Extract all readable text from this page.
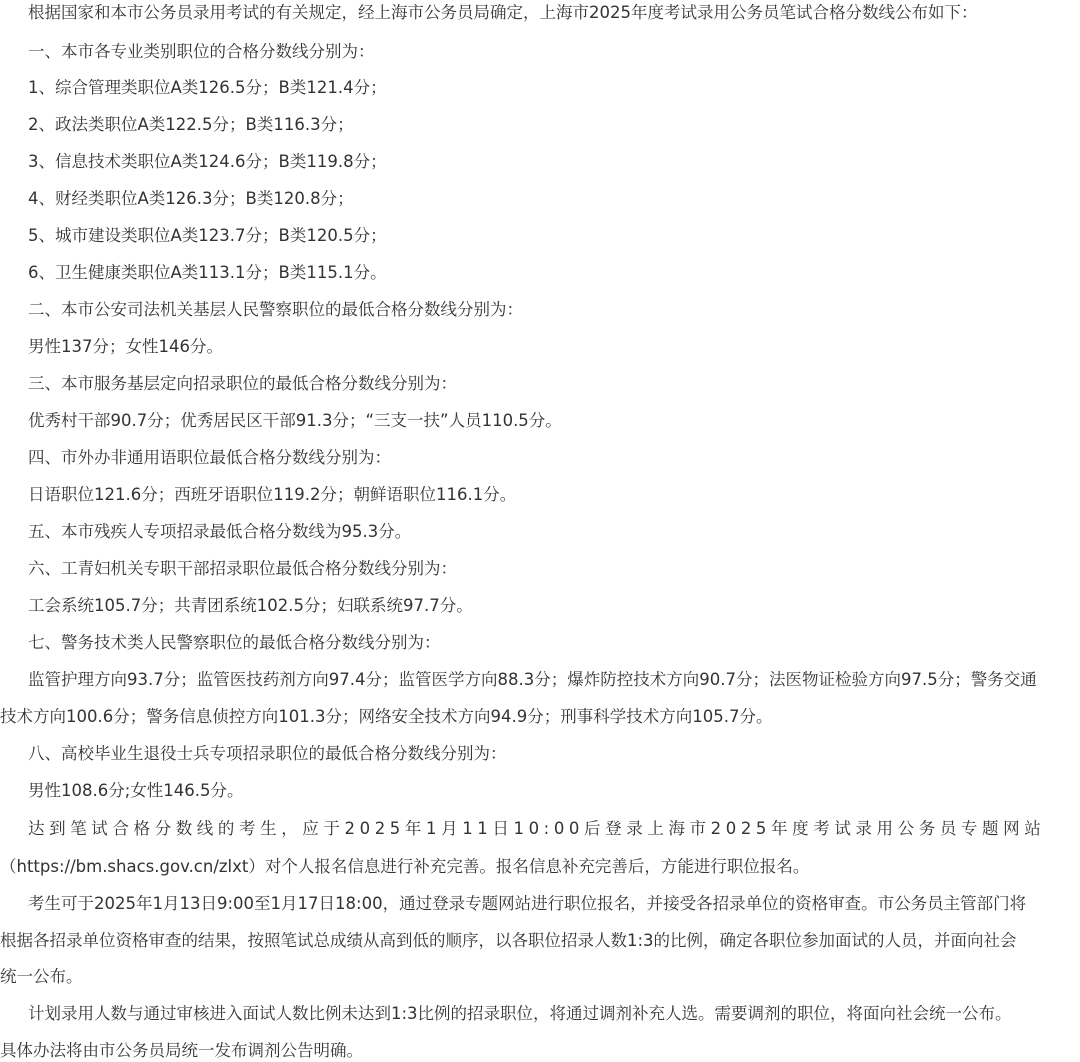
根据国家和本市公务员录用考试的有关规定，经上海市公务员局确定，上海市2025年度考试录用公务员笔试合格分数线公布如下：
一、本市各专业类别职位的合格分数线分别为：
1、综合管理类职位A类126.5分；B类121.4分；
2、政法类职位A类122.5分；B类116.3分；
3、信息技术类职位A类124.6分；B类119.8分；
4、财经类职位A类126.3分；B类120.8分；
5、城市建设类职位A类123.7分；B类120.5分；
6、卫生健康类职位A类113.1分；B类115.1分。
二、本市公安司法机关基层人民警察职位的最低合格分数线分别为：
男性137分；女性146分。
三、本市服务基层定向招录职位的最低合格分数线分别为：
优秀村干部90.7分；优秀居民区干部91.3分；“三支一扶”人员110.5分。
四、市外办非通用语职位最低合格分数线分别为：
日语职位121.6分；西班牙语职位119.2分；朝鲜语职位116.1分。
五、本市残疾人专项招录最低合格分数线为95.3分。
六、工青妇机关专职干部招录职位最低合格分数线分别为：
工会系统105.7分；共青团系统102.5分；妇联系统97.7分。
七、警务技术类人民警察职位的最低合格分数线分别为：
监管护理方向93.7分；监管医技药剂方向97.4分；监管医学方向88.3分；爆炸防控技术方向90.7分；法医物证检验方向97.5分；警务交通
技术方向100.6分；警务信息侦控方向101.3分；网络安全技术方向94.9分；刑事科学技术方向105.7分。
八、高校毕业生退役士兵专项招录职位的最低合格分数线分别为：
男性108.6分;女性146.5分。
达到笔试合格分数线的考生，应于2025年1月11日10:00后登录上海市2025年度考试录用公务员专题网站
（https://bm.shacs.gov.cn/zlxt）对个人报名信息进行补充完善。报名信息补充完善后，方能进行职位报名。
考生可于2025年1月13日9:00至1月17日18:00，通过登录专题网站进行职位报名，并接受各招录单位的资格审查。市公务员主管部门将
根据各招录单位资格审查的结果，按照笔试总成绩从高到低的顺序，以各职位招录人数1:3的比例，确定各职位参加面试的人员，并面向社会
统一公布。
计划录用人数与通过审核进入面试人数比例未达到1:3比例的招录职位，将通过调剂补充人选。需要调剂的职位，将面向社会统一公布。
具体办法将由市公务员局统一发布调剂公告明确。
